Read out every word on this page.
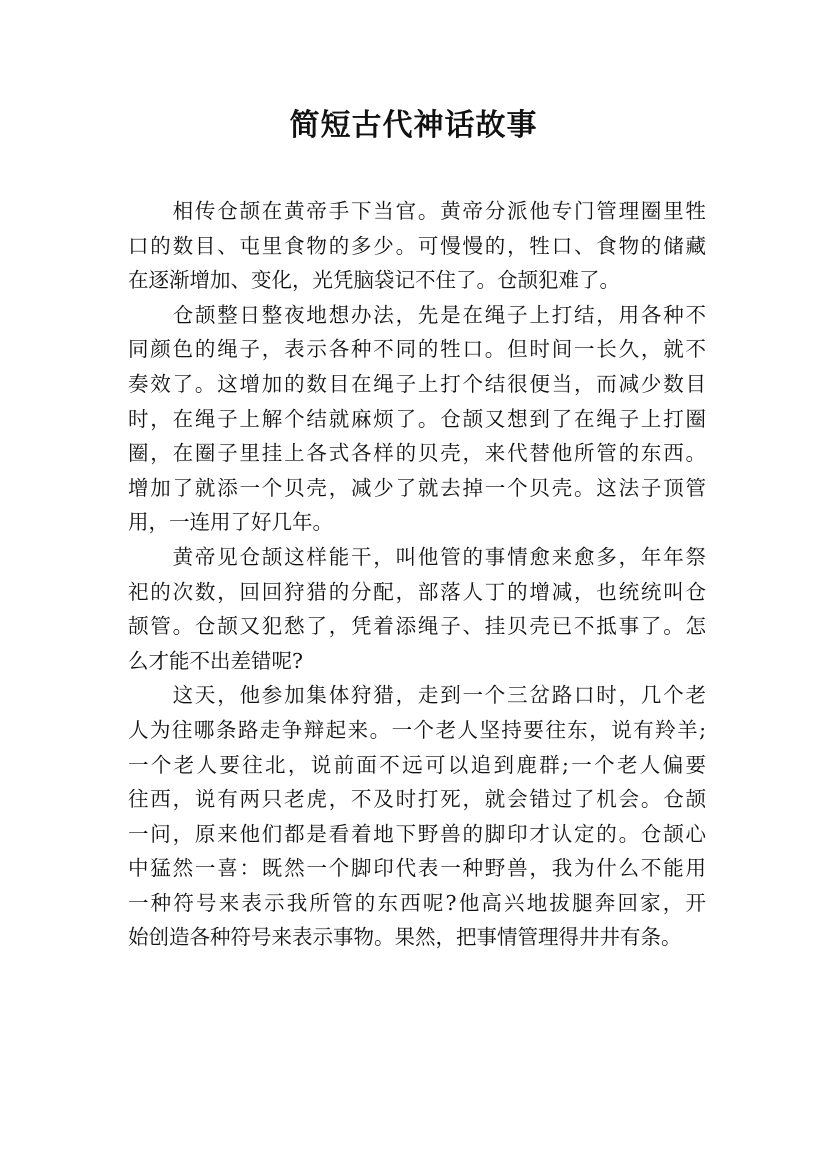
简短古代神话故事
　　相传仓颉在黄帝手下当官。黄帝分派他专门管理圈里牲
口的数目、屯里食物的多少。可慢慢的，牲口、食物的储藏
在逐渐增加、变化，光凭脑袋记不住了。仓颉犯难了。
　　仓颉整日整夜地想办法，先是在绳子上打结，用各种不
同颜色的绳子，表示各种不同的牲口。但时间一长久，就不
奏效了。这增加的数目在绳子上打个结很便当，而减少数目
时，在绳子上解个结就麻烦了。仓颉又想到了在绳子上打圈
圈，在圈子里挂上各式各样的贝壳，来代替他所管的东西。
增加了就添一个贝壳，减少了就去掉一个贝壳。这法子顶管
用，一连用了好几年。
　　黄帝见仓颉这样能干，叫他管的事情愈来愈多，年年祭
祀的次数，回回狩猎的分配，部落人丁的增减，也统统叫仓
颉管。仓颉又犯愁了，凭着添绳子、挂贝壳已不抵事了。怎
么才能不出差错呢?
　　这天，他参加集体狩猎，走到一个三岔路口时，几个老
人为往哪条路走争辩起来。一个老人坚持要往东，说有羚羊;
一个老人要往北，说前面不远可以追到鹿群;一个老人偏要
往西，说有两只老虎，不及时打死，就会错过了机会。仓颉
一问，原来他们都是看着地下野兽的脚印才认定的。仓颉心
中猛然一喜：既然一个脚印代表一种野兽，我为什么不能用
一种符号来表示我所管的东西呢?他高兴地拔腿奔回家，开
始创造各种符号来表示事物。果然，把事情管理得井井有条。
